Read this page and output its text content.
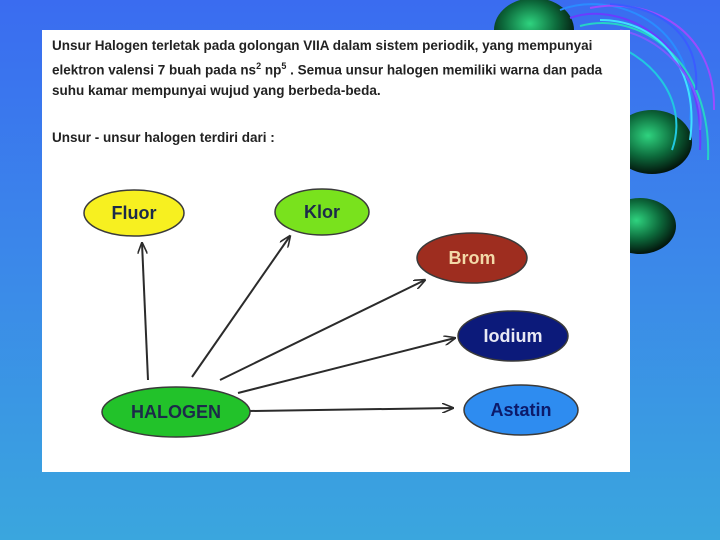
Unsur Halogen terletak pada golongan VIIA dalam sistem periodik, yang mempunyai
elektron valensi 7 buah pada $ns^2$ $np^5$ . Semua unsur halogen memiliki warna dan pada
suhu kamar mempunyai wujud yang berbeda-beda.
Unsur - unsur halogen terdiri dari :
Fluor	Klor
Brom
Iodium
Astatin
HALOGEN
